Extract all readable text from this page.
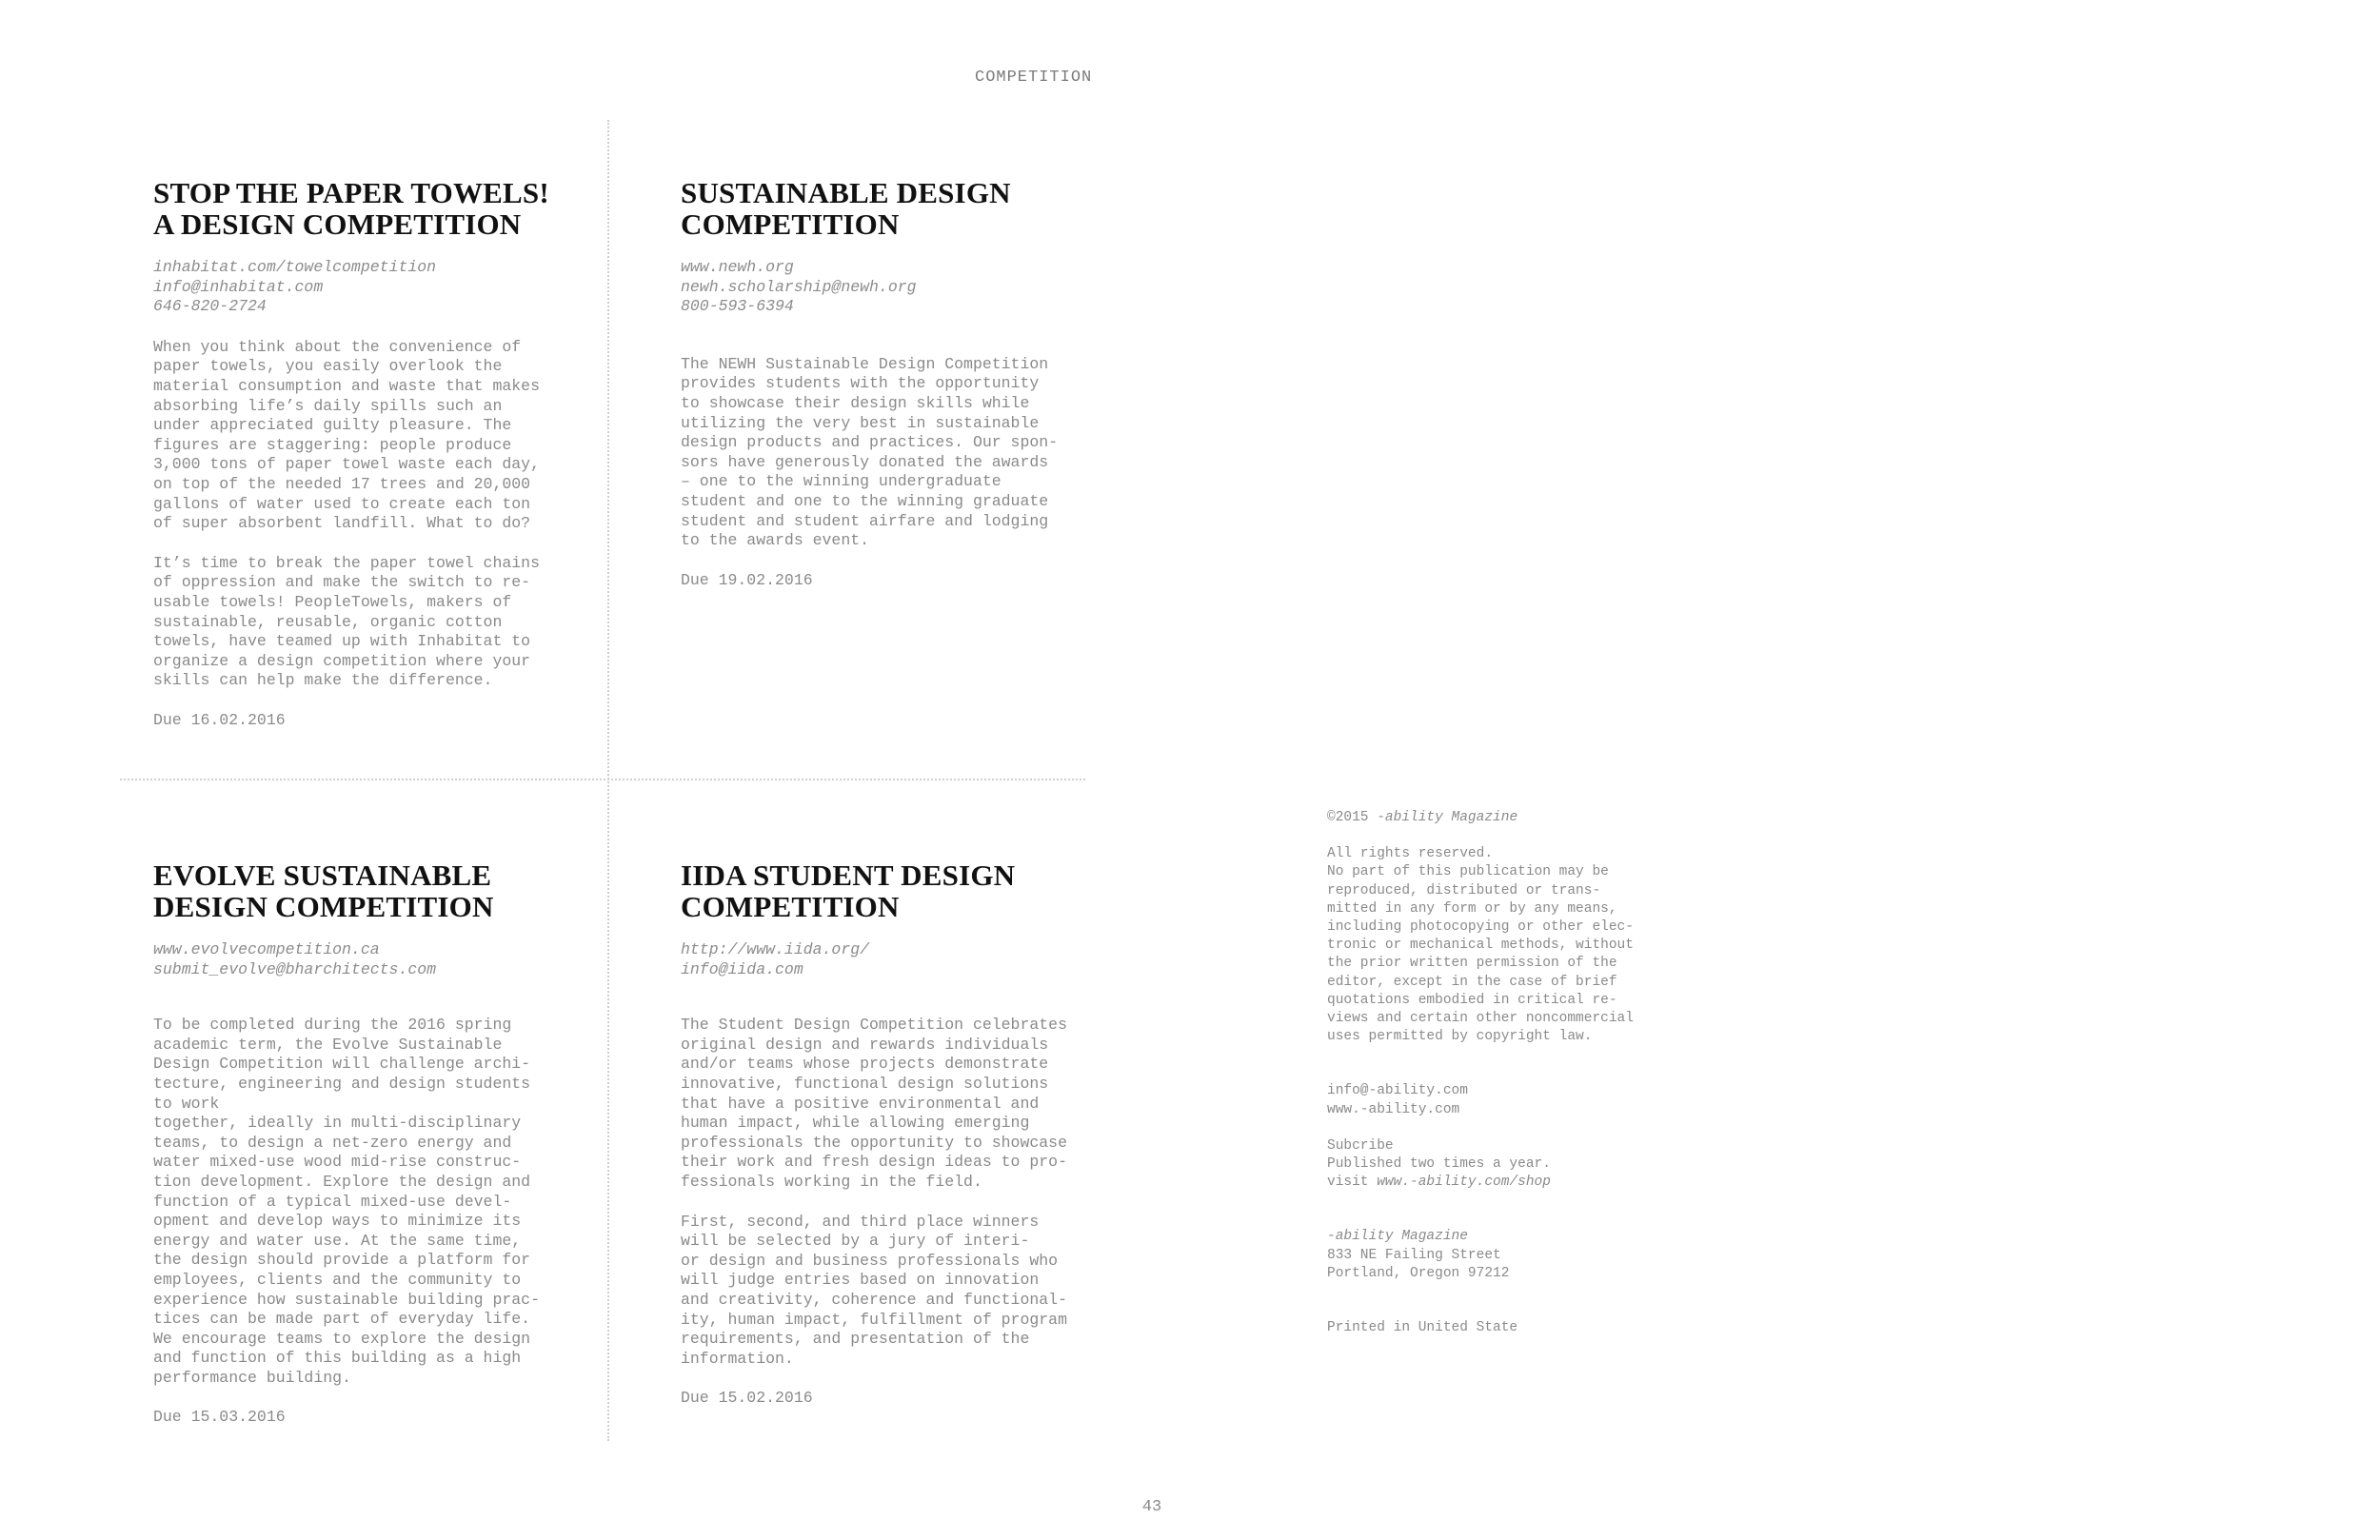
COMPETITION
STOP THE PAPER TOWELS!
A DESIGN COMPETITION
inhabitat.com/towelcompetition
info@inhabitat.com
646-820-2724
When you think about the convenience of
paper towels, you easily overlook the
material consumption and waste that makes
absorbing life’s daily spills such an
under appreciated guilty pleasure. The
figures are staggering: people produce
3,000 tons of paper towel waste each day,
on top of the needed 17 trees and 20,000
gallons of water used to create each ton
of super absorbent landfill. What to do?
It’s time to break the paper towel chains
of oppression and make the switch to re-
usable towels! PeopleTowels, makers of
sustainable, reusable, organic cotton
towels, have teamed up with Inhabitat to
organize a design competition where your
skills can help make the difference.
Due 16.02.2016
SUSTAINABLE DESIGN
COMPETITION
www.newh.org
newh.scholarship@newh.org
800-593-6394
The NEWH Sustainable Design Competition
provides students with the opportunity
to showcase their design skills while
utilizing the very best in sustainable
design products and practices. Our spon-
sors have generously donated the awards
– one to the winning undergraduate
student and one to the winning graduate
student and student airfare and lodging
to the awards event.
Due 19.02.2016
EVOLVE SUSTAINABLE
DESIGN COMPETITION
www.evolvecompetition.ca
submit_evolve@bharchitects.com
To be completed during the 2016 spring
academic term, the Evolve Sustainable
Design Competition will challenge archi-
tecture, engineering and design students
to work
together, ideally in multi-disciplinary
teams, to design a net-zero energy and
water mixed-use wood mid-rise construc-
tion development. Explore the design and
function of a typical mixed-use devel-
opment and develop ways to minimize its
energy and water use. At the same time,
the design should provide a platform for
employees, clients and the community to
experience how sustainable building prac-
tices can be made part of everyday life.
We encourage teams to explore the design
and function of this building as a high
performance building.
Due 15.03.2016
IIDA STUDENT DESIGN
COMPETITION
http://www.iida.org/
info@iida.com
The Student Design Competition celebrates
original design and rewards individuals
and/or teams whose projects demonstrate
innovative, functional design solutions
that have a positive environmental and
human impact, while allowing emerging
professionals the opportunity to showcase
their work and fresh design ideas to pro-
fessionals working in the field.
First, second, and third place winners
will be selected by a jury of interi-
or design and business professionals who
will judge entries based on innovation
and creativity, coherence and functional-
ity, human impact, fulfillment of program
requirements, and presentation of the
information.
Due 15.02.2016
©2015 -ability Magazine
All rights reserved.
No part of this publication may be
reproduced, distributed or trans-
mitted in any form or by any means,
including photocopying or other elec-
tronic or mechanical methods, without
the prior written permission of the
editor, except in the case of brief
quotations embodied in critical re-
views and certain other noncommercial
uses permitted by copyright law.
info@-ability.com
www.-ability.com
Subcribe
Published two times a year.
visit www.-ability.com/shop
-ability Magazine
833 NE Failing Street
Portland, Oregon 97212
Printed in United State
43
